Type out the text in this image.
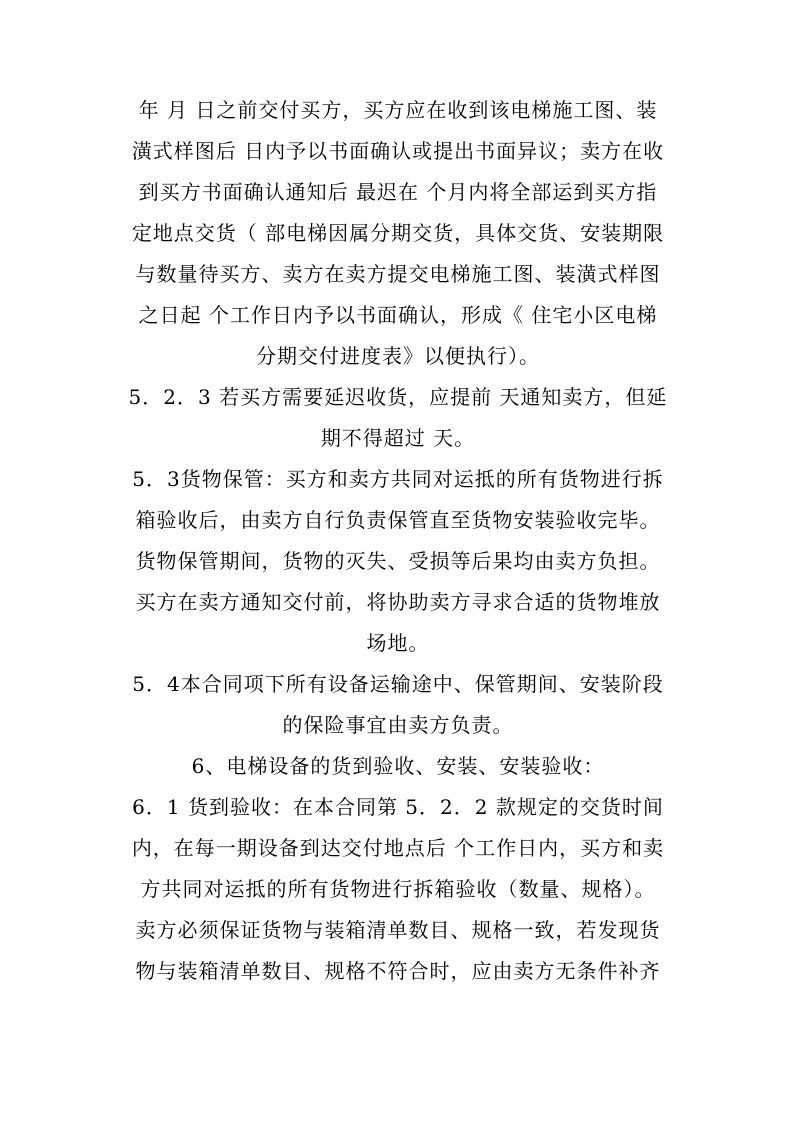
年 月 日之前交付买方，买方应在收到该电梯施工图、装
潢式样图后 日内予以书面确认或提出书面异议；卖方在收
到买方书面确认通知后 最迟在 个月内将全部运到买方指
定地点交货（ 部电梯因属分期交货，具体交货、安装期限
与数量待买方、卖方在卖方提交电梯施工图、装潢式样图
之日起 个工作日内予以书面确认，形成《 住宅小区电梯
分期交付进度表》以便执行）。
5．2．3 若买方需要延迟收货，应提前 天通知卖方，但延
期不得超过 天。
5．3货物保管：买方和卖方共同对运抵的所有货物进行拆
箱验收后，由卖方自行负责保管直至货物安装验收完毕。
货物保管期间，货物的灭失、受损等后果均由卖方负担。
买方在卖方通知交付前，将协助卖方寻求合适的货物堆放
场地。
5．4本合同项下所有设备运输途中、保管期间、安装阶段
的保险事宜由卖方负责。
6、电梯设备的货到验收、安装、安装验收：
6．1 货到验收：在本合同第 5．2．2 款规定的交货时间
内，在每一期设备到达交付地点后 个工作日内，买方和卖
方共同对运抵的所有货物进行拆箱验收（数量、规格）。
卖方必须保证货物与装箱清单数目、规格一致，若发现货
物与装箱清单数目、规格不符合时，应由卖方无条件补齐
